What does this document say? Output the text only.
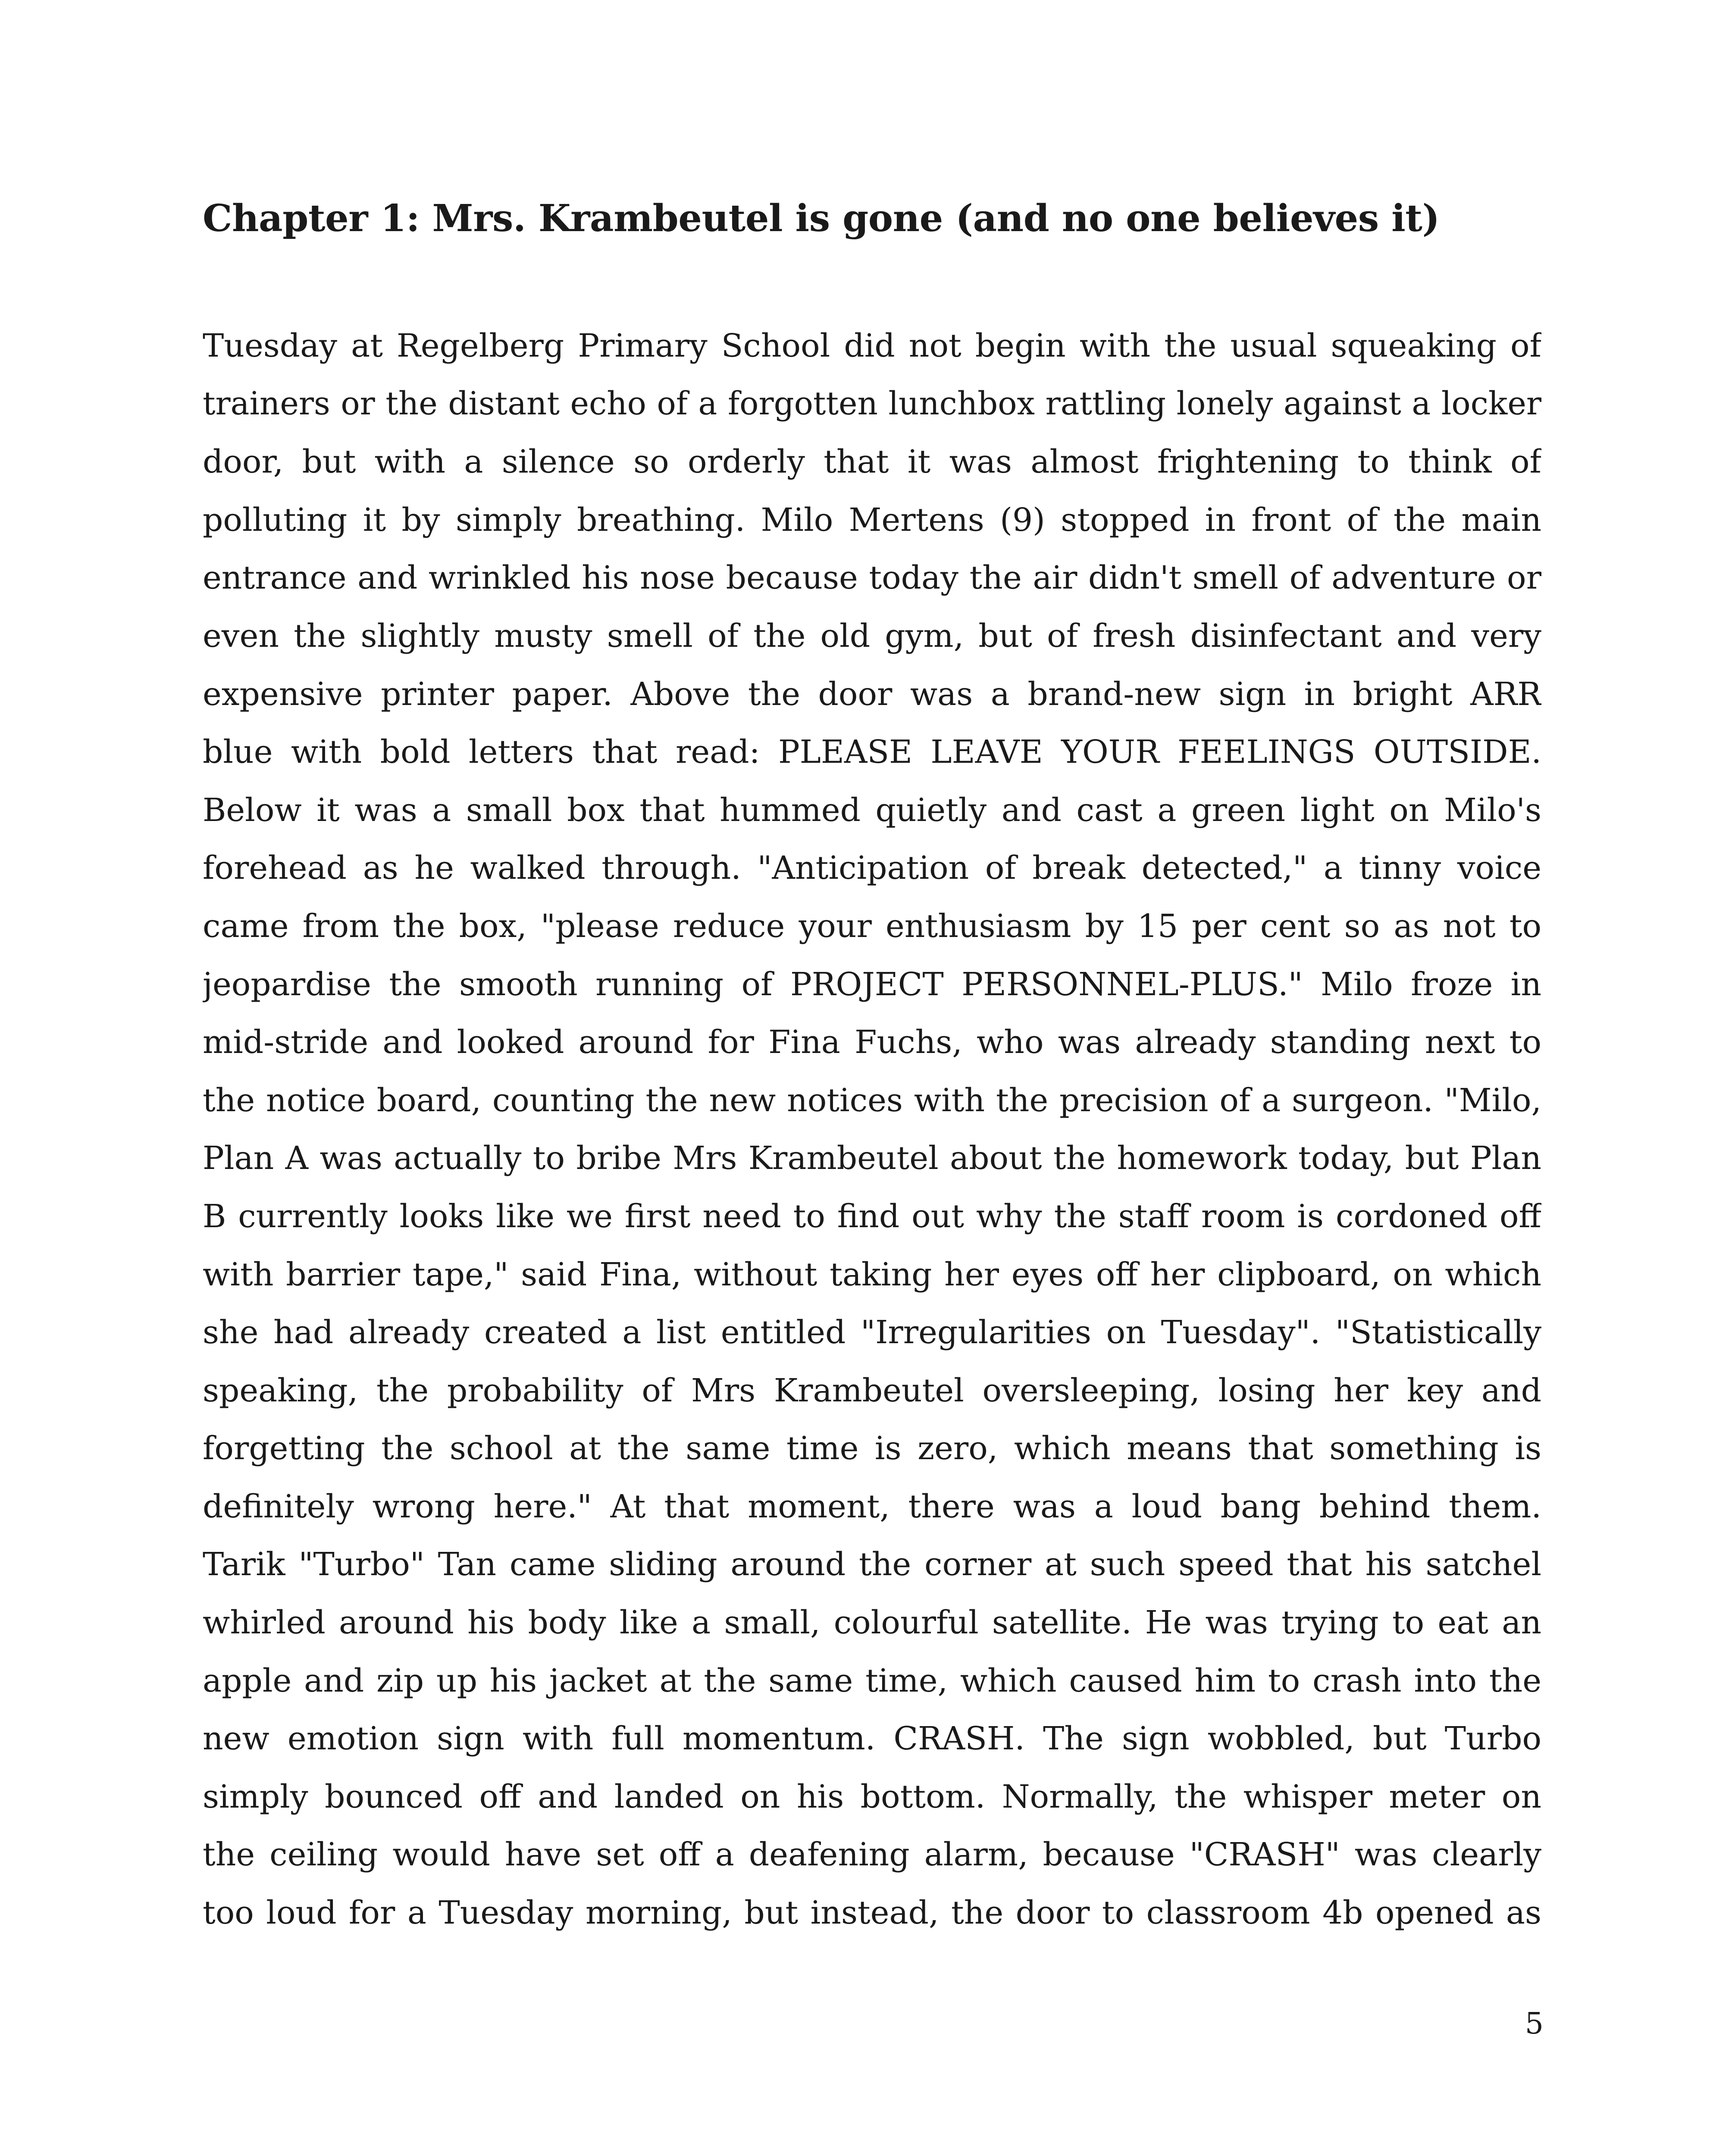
Chapter 1: Mrs. Krambeutel is gone (and no one believes it)
Tuesday at Regelberg Primary School did not begin with the usual squeaking of
trainers or the distant echo of a forgotten lunchbox rattling lonely against a locker
door, but with a silence so orderly that it was almost frightening to think of
polluting it by simply breathing. Milo Mertens (9) stopped in front of the main
entrance and wrinkled his nose because today the air didn't smell of adventure or
even the slightly musty smell of the old gym, but of fresh disinfectant and very
expensive printer paper. Above the door was a brand-new sign in bright ARR
blue with bold letters that read: PLEASE LEAVE YOUR FEELINGS OUTSIDE.
Below it was a small box that hummed quietly and cast a green light on Milo's
forehead as he walked through. "Anticipation of break detected," a tinny voice
came from the box, "please reduce your enthusiasm by 15 per cent so as not to
jeopardise the smooth running of PROJECT PERSONNEL-PLUS." Milo froze in
mid-stride and looked around for Fina Fuchs, who was already standing next to
the notice board, counting the new notices with the precision of a surgeon. "Milo,
Plan A was actually to bribe Mrs Krambeutel about the homework today, but Plan
B currently looks like we first need to find out why the staff room is cordoned off
with barrier tape," said Fina, without taking her eyes off her clipboard, on which
she had already created a list entitled "Irregularities on Tuesday". "Statistically
speaking, the probability of Mrs Krambeutel oversleeping, losing her key and
forgetting the school at the same time is zero, which means that something is
definitely wrong here." At that moment, there was a loud bang behind them.
Tarik "Turbo" Tan came sliding around the corner at such speed that his satchel
whirled around his body like a small, colourful satellite. He was trying to eat an
apple and zip up his jacket at the same time, which caused him to crash into the
new emotion sign with full momentum. CRASH. The sign wobbled, but Turbo
simply bounced off and landed on his bottom. Normally, the whisper meter on
the ceiling would have set off a deafening alarm, because "CRASH" was clearly
too loud for a Tuesday morning, but instead, the door to classroom 4b opened as
5
